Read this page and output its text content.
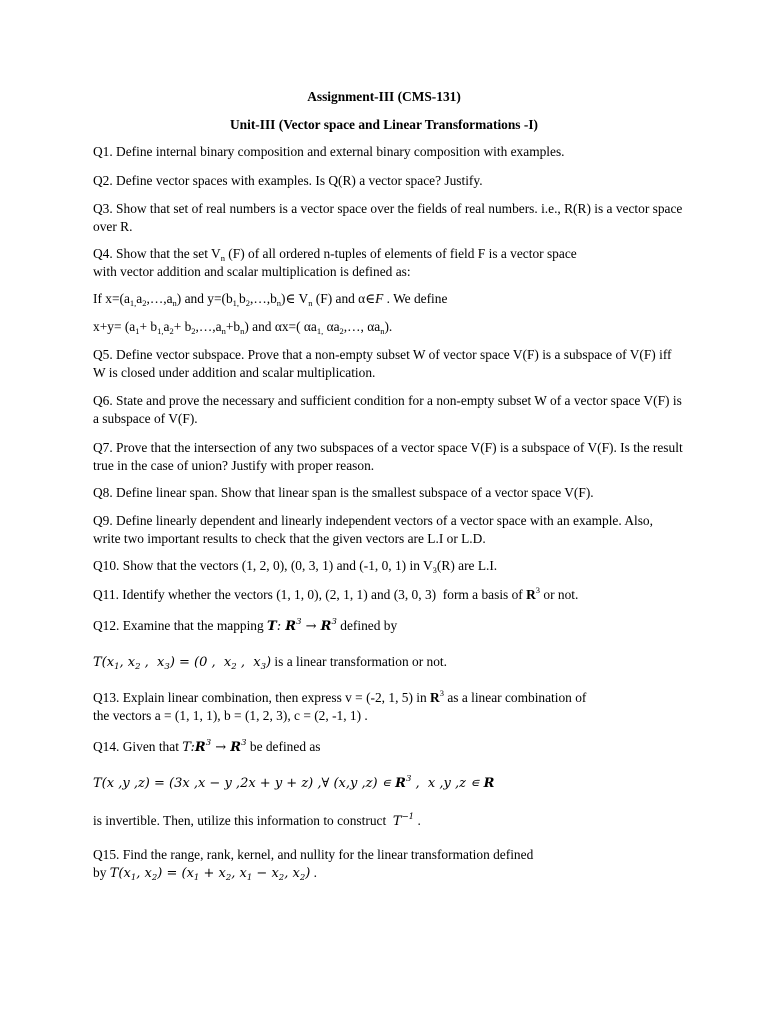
Assignment-III (CMS-131)
Unit-III (Vector space and Linear Transformations -I)
Q1. Define internal binary composition and external binary composition with examples.
Q2. Define vector spaces with examples. Is Q(R) a vector space? Justify.
Q3. Show that set of real numbers is a vector space over the fields of real numbers. i.e., R(R) is a vector space over R.
Q4. Show that the set $V_n$ (F) of all ordered n-tuples of elements of field F is a vector space
with vector addition and scalar multiplication is defined as:
If $x=(a_{1,}a_2,\dots,a_n)$ and $y=(b_{1,}b_2,\dots,b_n)\in$ $V_n$ (F) and α∈F . We define
$x+y= (a_1+ b_{1,}a_2+$ $b_2,\dots,a_n+b_n$) and αx=( $\alpha a_{1,}$ $\alpha a_2,\dots$, $\alpha a_n$).
Q5. Define vector subspace. Prove that a non-empty subset W of vector space V(F) is a subspace of V(F) iff W is closed under addition and scalar multiplication.
Q6. State and prove the necessary and sufficient condition for a non-empty subset W of a vector space V(F) is a subspace of V(F).
Q7. Prove that the intersection of any two subspaces of a vector space V(F) is a subspace of V(F). Is the result true in the case of union? Justify with proper reason.
Q8. Define linear span. Show that linear span is the smallest subspace of a vector space V(F).
Q9. Define linearly dependent and linearly independent vectors of a vector space with an example. Also, write two important results to check that the given vectors are L.I or L.D.
Q10. Show that the vectors (1, 2, 0), (0, 3, 1) and (-1, 0, 1) in $V_3(R)$ are L.I.
Q11. Identify whether the vectors (1, 1, 0), (2, 1, 1) and (3, 0, 3)  form a basis of $R^3$ or not.
Q12. Examine that the mapping T: $R^3 \to R^3$ defined by
$T(x_1$, $x_2$ ,  $x_3) = (0$ ,  $x_2$ ,  $x_3$) is a linear transformation or not.
Q13. Explain linear combination, then express v = (-2, 1, 5) in $R^3$ as a linear combination of
the vectors a = (1, 1, 1), b = (1, 2, 3), c = (2, -1, 1) .
Q14. Given that $T:R^3 \to R^3$ be defined as
T(x ,y ,z) = (3x ,x − y ,2x + y + z) ,∀ (x,y ,z) ∊ $R^3$ ,  x ,y ,z ∊ R
is invertible. Then, utilize this information to construct $T^{-1}$ .
Q15. Find the range, rank, kernel, and nullity for the linear transformation defined
by $T(x_1$, $x_2) = (x_1 + x_2$, $x_1 - x_2$, $x_2$) .
